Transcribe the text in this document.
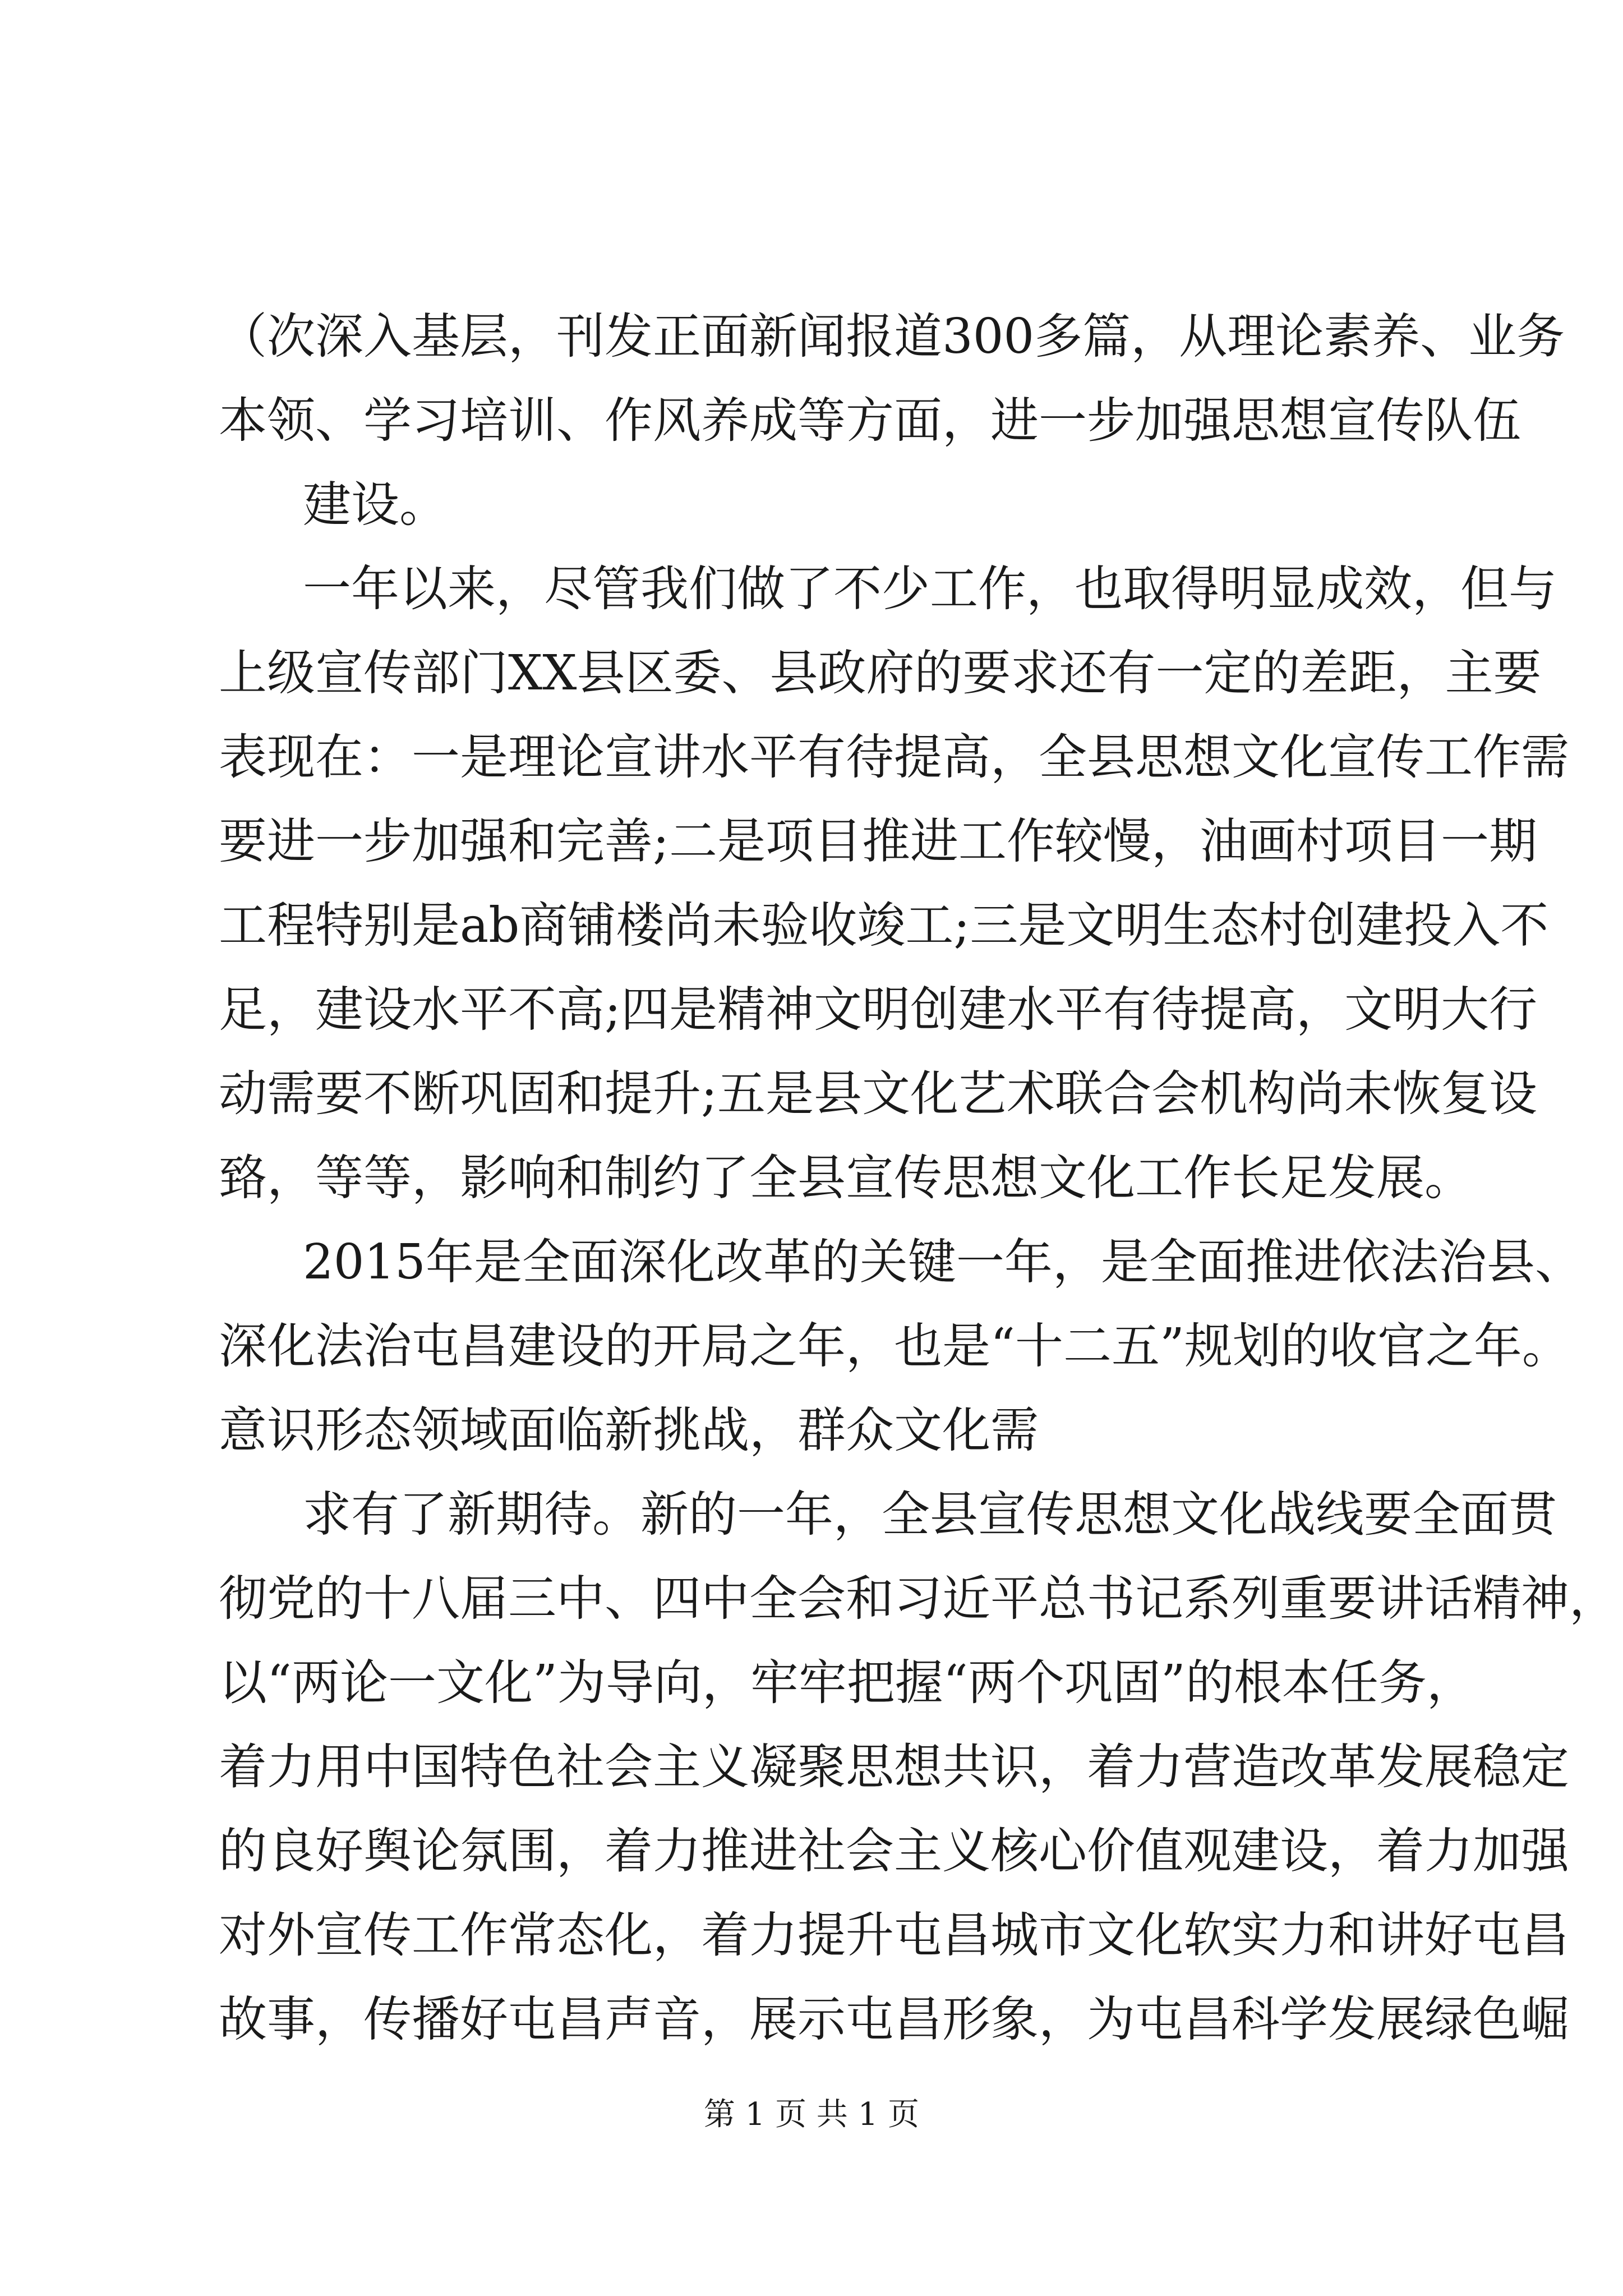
（次深入基层，刊发正面新闻报道300多篇，从理论素养、业务
本领、学习培训、作风养成等方面，进一步加强思想宣传队伍
建设。
一年以来，尽管我们做了不少工作，也取得明显成效，但与
上级宣传部门XX县区委、县政府的要求还有一定的差距，主要
表现在：一是理论宣讲水平有待提高，全县思想文化宣传工作需
要进一步加强和完善;二是项目推进工作较慢，油画村项目一期
工程特别是ab商铺楼尚未验收竣工;三是文明生态村创建投入不
足，建设水平不高;四是精神文明创建水平有待提高，文明大行
动需要不断巩固和提升;五是县文化艺术联合会机构尚未恢复设
臵，等等，影响和制约了全县宣传思想文化工作长足发展。
2015年是全面深化改革的关键一年，是全面推进依法治县、
深化法治屯昌建设的开局之年，也是“十二五”规划的收官之年。
意识形态领域面临新挑战，群众文化需
求有了新期待。新的一年，全县宣传思想文化战线要全面贯
彻党的十八届三中、四中全会和习近平总书记系列重要讲话精神，
以“两论一文化”为导向，牢牢把握“两个巩固”的根本任务，
着力用中国特色社会主义凝聚思想共识，着力营造改革发展稳定
的良好舆论氛围，着力推进社会主义核心价值观建设，着力加强
对外宣传工作常态化，着力提升屯昌城市文化软实力和讲好屯昌
故事，传播好屯昌声音，展示屯昌形象，为屯昌科学发展绿色崛
第 1 页 共 1 页
